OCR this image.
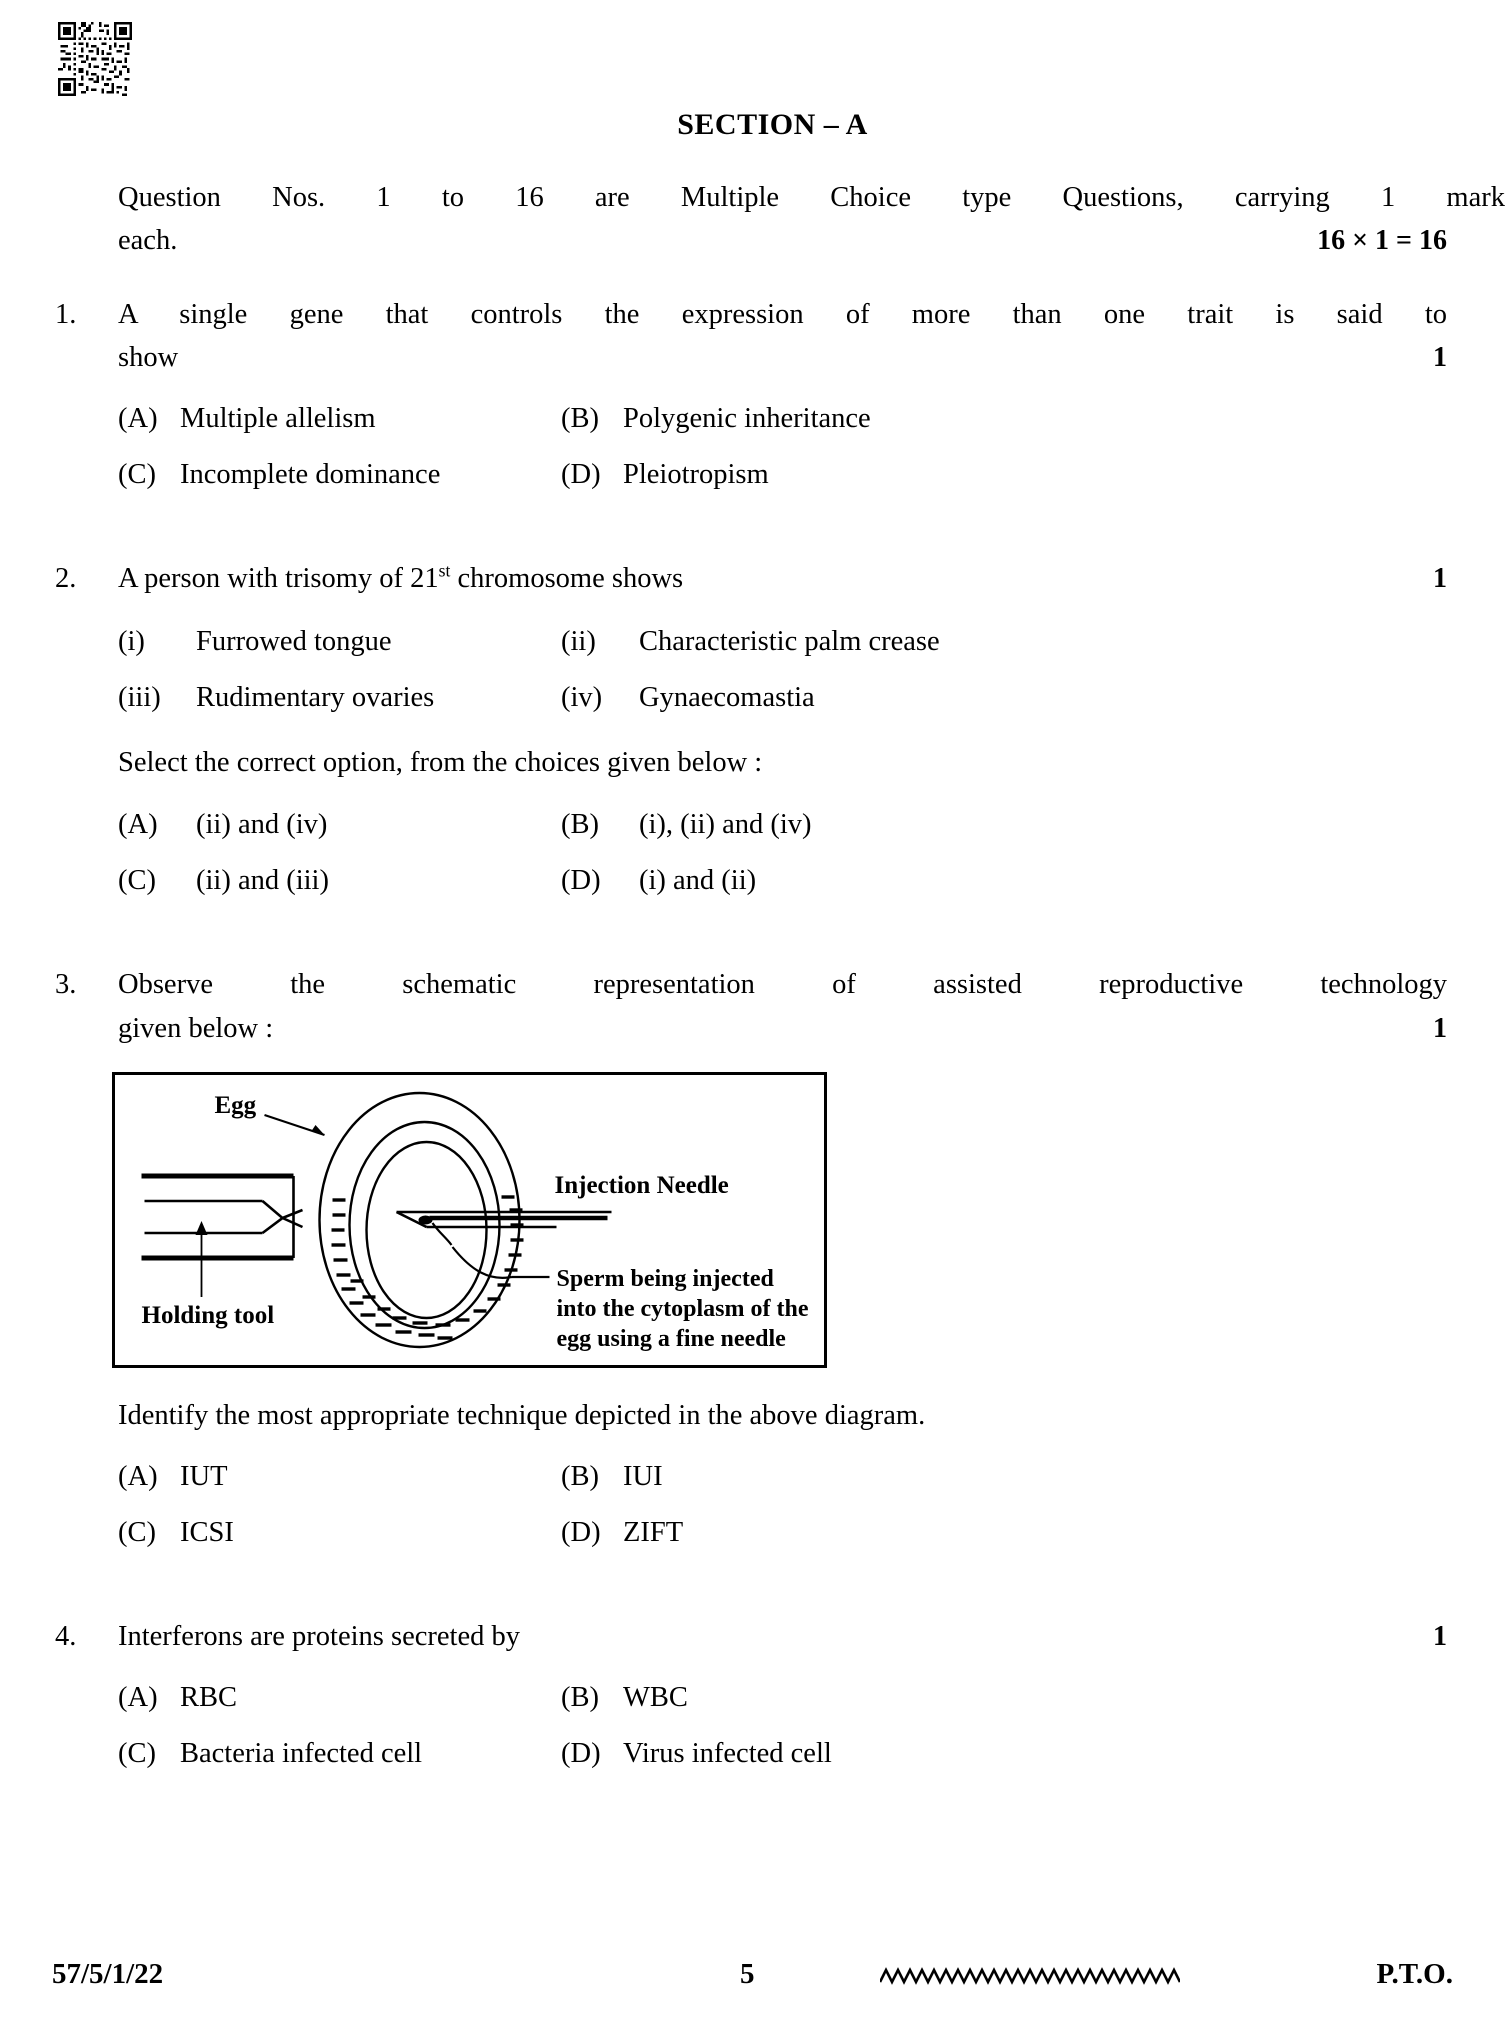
SECTION – A
Question Nos. 1 to 16 are Multiple Choice type Questions, carrying 1 mark
each.	16 × 1 = 16
1.	A single gene that controls the expression of more than one trait is said to
show	1
(A) Multiple allelism	(B) Polygenic inheritance
(C) Incomplete dominance	(D) Pleiotropism
2.	A person with trisomy of 21st chromosome shows	1
(i)	Furrowed tongue	(ii)	Characteristic palm crease
(iii)	Rudimentary ovaries	(iv)	Gynaecomastia
Select the correct option, from the choices given below :
(A)	(ii) and (iv)	(B)	(i), (ii) and (iv)
(C)	(ii) and (iii)	(D)	(i) and (ii)
3.	Observe the schematic representation of assisted reproductive technology
given below :	1
Egg
Holding tool
Injection Needle
Sperm being injected
into the cytoplasm of the
egg using a fine needle
Identify the most appropriate technique depicted in the above diagram.
(A) IUT	(B) IUI
(C) ICSI	(D) ZIFT
4.	Interferons are proteins secreted by	1
(A) RBC	(B) WBC
(C) Bacteria infected cell	(D) Virus infected cell
57/5/1/22	5	P.T.O.
